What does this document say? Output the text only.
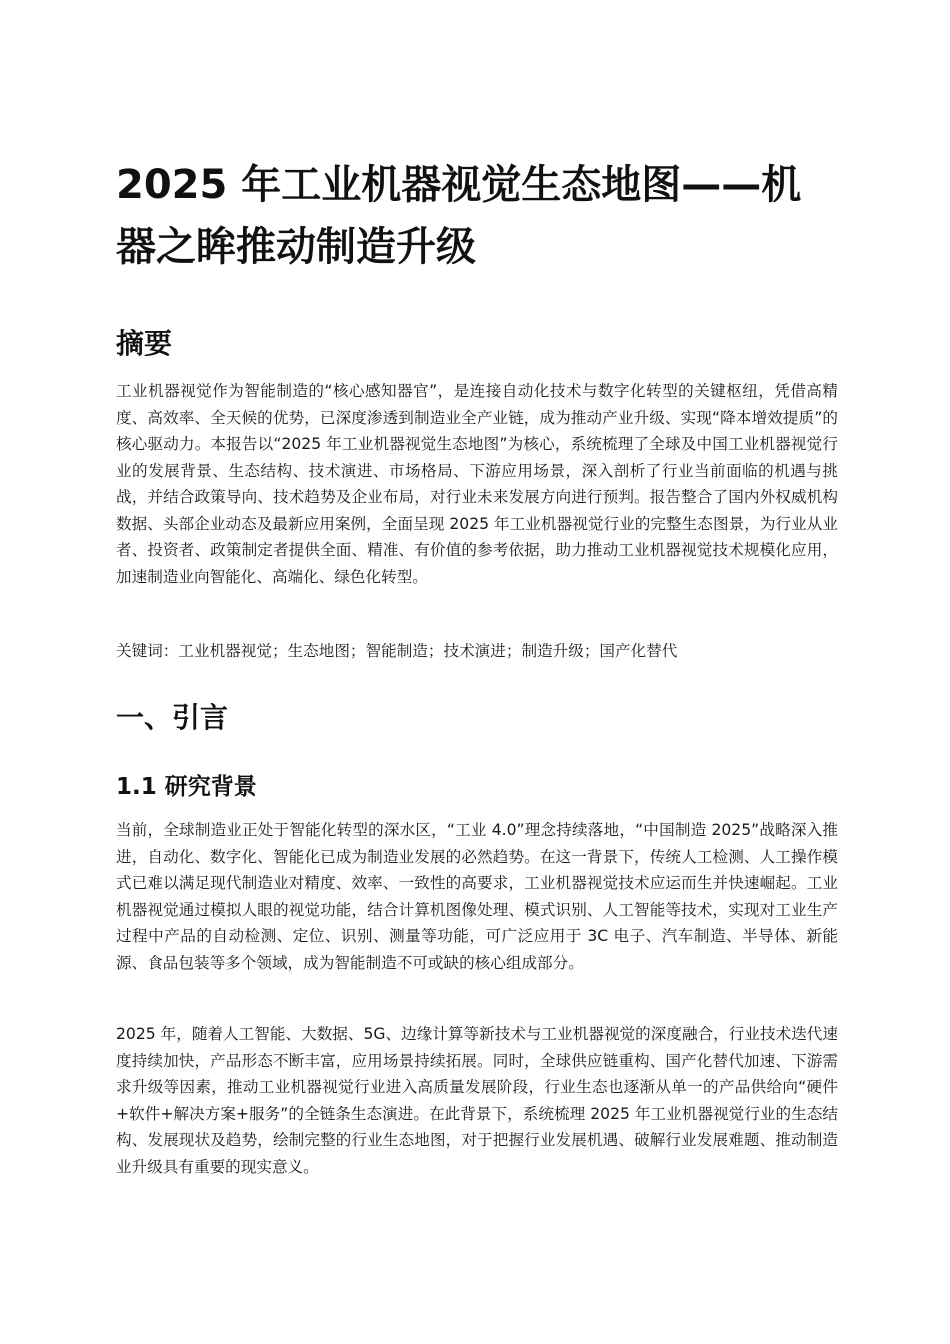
2025 年工业机器视觉生态地图——机器之眸推动制造升级
摘要

工业机器视觉作为智能制造的“核心感知器官”，是连接自动化技术与数字化转型的关键枢纽，凭借高精度、高效率、全天候的优势，已深度渗透到制造业全产业链，成为推动产业升级、实现“降本增效提质”的核心驱动力。本报告以“2025 年工业机器视觉生态地图”为核心，系统梳理了全球及中国工业机器视觉行业的发展背景、生态结构、技术演进、市场格局、下游应用场景，深入剖析了行业当前面临的机遇与挑战，并结合政策导向、技术趋势及企业布局，对行业未来发展方向进行预判。报告整合了国内外权威机构数据、头部企业动态及最新应用案例，全面呈现 2025 年工业机器视觉行业的完整生态图景，为行业从业者、投资者、政策制定者提供全面、精准、有价值的参考依据，助力推动工业机器视觉技术规模化应用，加速制造业向智能化、高端化、绿色化转型。

关键词：工业机器视觉；生态地图；智能制造；技术演进；制造升级；国产化替代

一、引言
1.1 研究背景

当前，全球制造业正处于智能化转型的深水区，“工业 4.0”理念持续落地，“中国制造 2025”战略深入推进，自动化、数字化、智能化已成为制造业发展的必然趋势。在这一背景下，传统人工检测、人工操作模式已难以满足现代制造业对精度、效率、一致性的高要求，工业机器视觉技术应运而生并快速崛起。工业机器视觉通过模拟人眼的视觉功能，结合计算机图像处理、模式识别、人工智能等技术，实现对工业生产过程中产品的自动检测、定位、识别、测量等功能，可广泛应用于 3C 电子、汽车制造、半导体、新能源、食品包装等多个领域，成为智能制造不可或缺的核心组成部分。

2025 年，随着人工智能、大数据、5G、边缘计算等新技术与工业机器视觉的深度融合，行业技术迭代速度持续加快，产品形态不断丰富，应用场景持续拓展。同时，全球供应链重构、国产化替代加速、下游需求升级等因素，推动工业机器视觉行业进入高质量发展阶段，行业生态也逐渐从单一的产品供给向“硬件+软件+解决方案+服务”的全链条生态演进。在此背景下，系统梳理 2025 年工业机器视觉行业的生态结构、发展现状及趋势，绘制完整的行业生态地图，对于把握行业发展机遇、破解行业发展难题、推动制造业升级具有重要的现实意义。
